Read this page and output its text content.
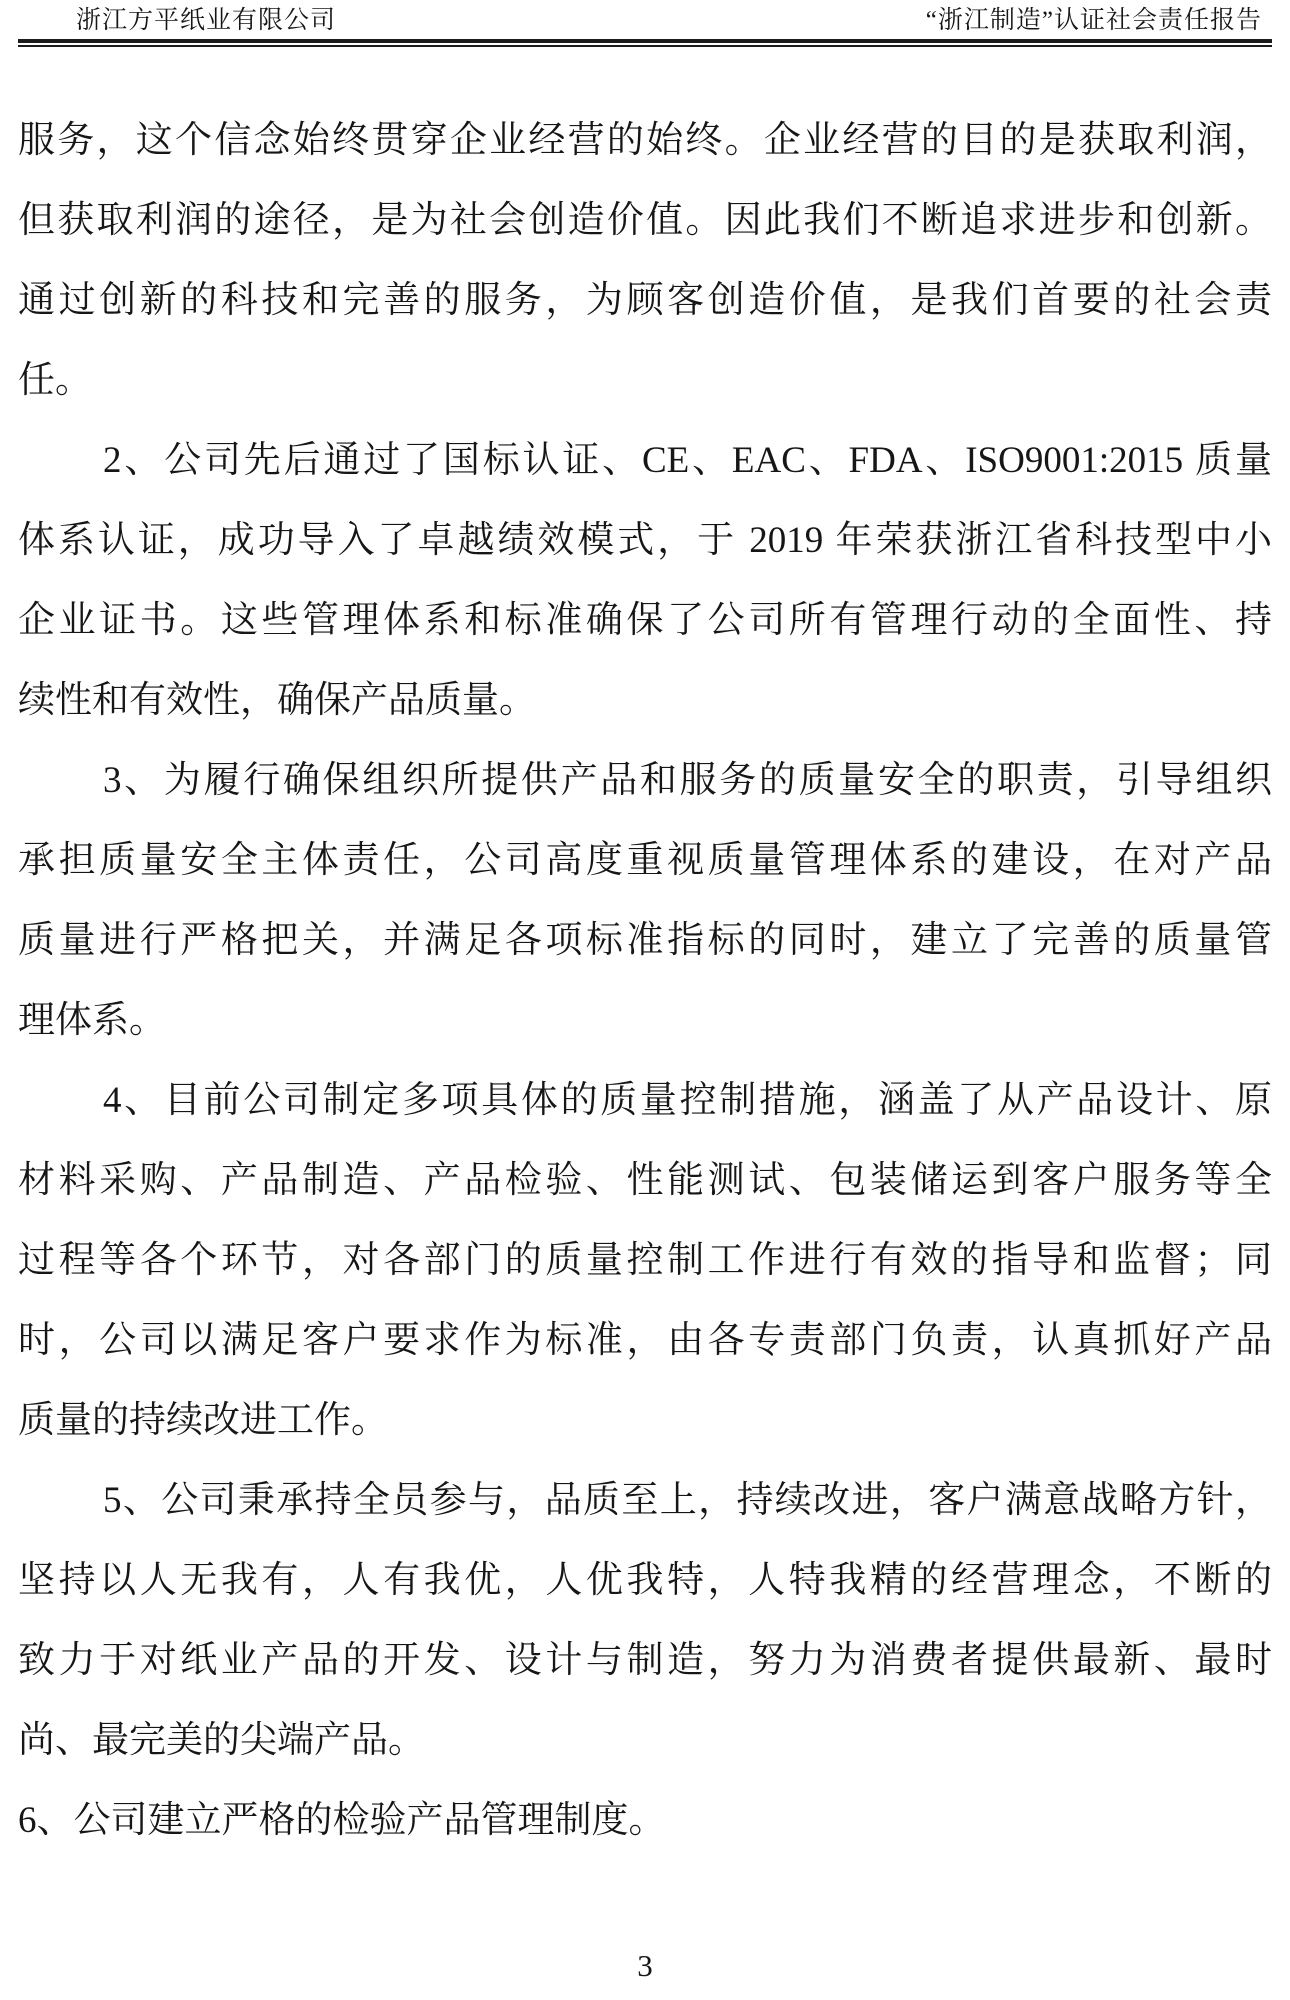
浙江方平纸业有限公司	“浙江制造”认证社会责任报告
服务，这个信念始终贯穿企业经营的始终。企业经营的目的是获取利润，
但获取利润的途径，是为社会创造价值。因此我们不断追求进步和创新。
通过创新的科技和完善的服务，为顾客创造价值，是我们首要的社会责
任。
2、公司先后通过了国标认证、CE、EAC、FDA、ISO9001:2015 质量
体系认证，成功导入了卓越绩效模式，于 2019 年荣获浙江省科技型中小
企业证书。这些管理体系和标准确保了公司所有管理行动的全面性、持
续性和有效性，确保产品质量。
3、为履行确保组织所提供产品和服务的质量安全的职责，引导组织
承担质量安全主体责任，公司高度重视质量管理体系的建设，在对产品
质量进行严格把关，并满足各项标准指标的同时，建立了完善的质量管
理体系。
4、目前公司制定多项具体的质量控制措施，涵盖了从产品设计、原
材料采购、产品制造、产品检验、性能测试、包装储运到客户服务等全
过程等各个环节，对各部门的质量控制工作进行有效的指导和监督；同
时，公司以满足客户要求作为标准，由各专责部门负责，认真抓好产品
质量的持续改进工作。
5、公司秉承持全员参与，品质至上，持续改进，客户满意战略方针，
坚持以人无我有，人有我优，人优我特，人特我精的经营理念，不断的
致力于对纸业产品的开发、设计与制造，努力为消费者提供最新、最时
尚、最完美的尖端产品。
6、公司建立严格的检验产品管理制度。
3
